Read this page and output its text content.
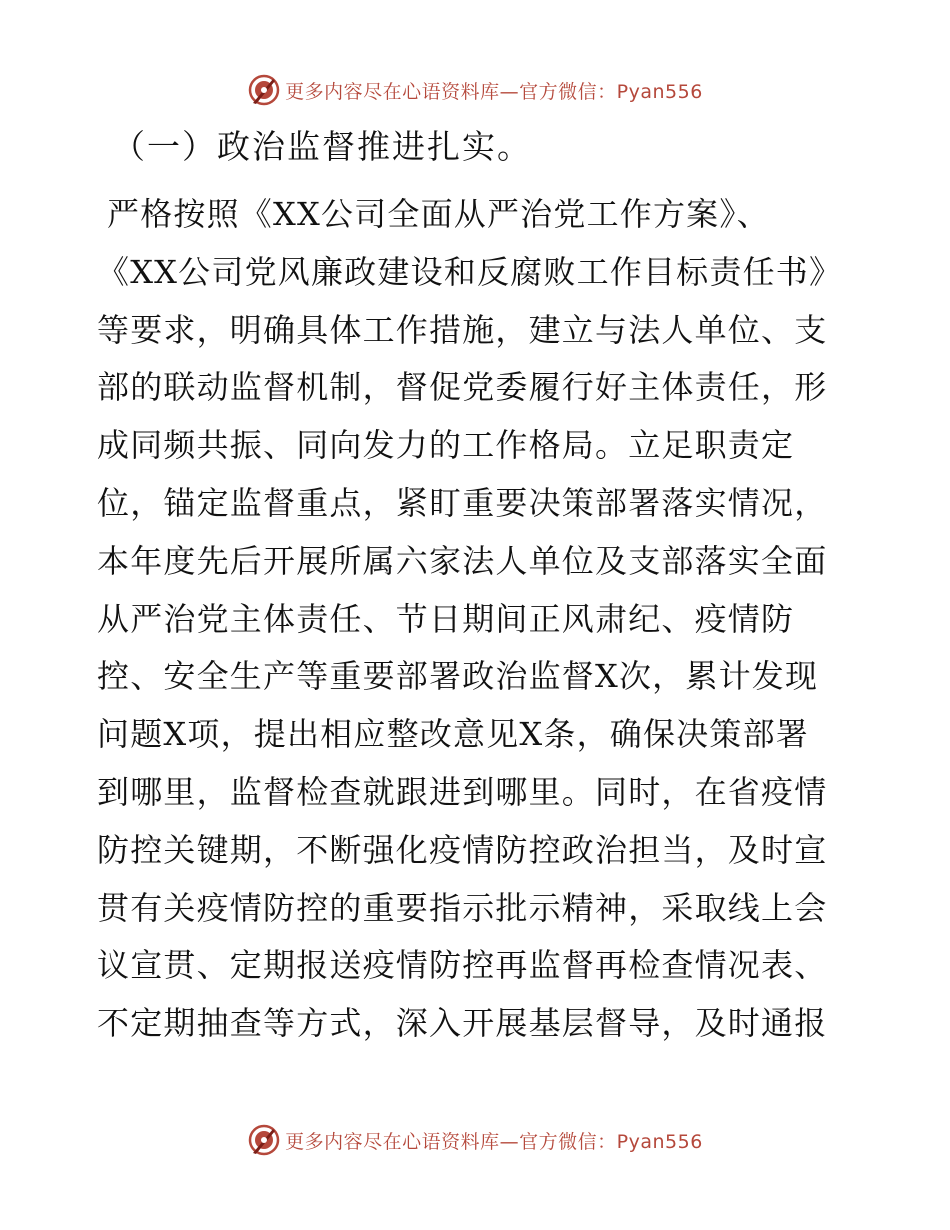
更多内容尽在心语资料库—官方微信：Pyan556
（一）政治监督推进扎实。
严格按照《XX公司全面从严治党工作方案》、
《XX公司党风廉政建设和反腐败工作目标责任书》
等要求，明确具体工作措施，建立与法人单位、支
部的联动监督机制，督促党委履行好主体责任，形
成同频共振、同向发力的工作格局。立足职责定
位，锚定监督重点，紧盯重要决策部署落实情况，
本年度先后开展所属六家法人单位及支部落实全面
从严治党主体责任、节日期间正风肃纪、疫情防
控、安全生产等重要部署政治监督X次，累计发现
问题X项，提出相应整改意见X条，确保决策部署
到哪里，监督检查就跟进到哪里。同时，在省疫情
防控关键期，不断强化疫情防控政治担当，及时宣
贯有关疫情防控的重要指示批示精神，采取线上会
议宣贯、定期报送疫情防控再监督再检查情况表、
不定期抽查等方式，深入开展基层督导，及时通报
更多内容尽在心语资料库—官方微信：Pyan556
